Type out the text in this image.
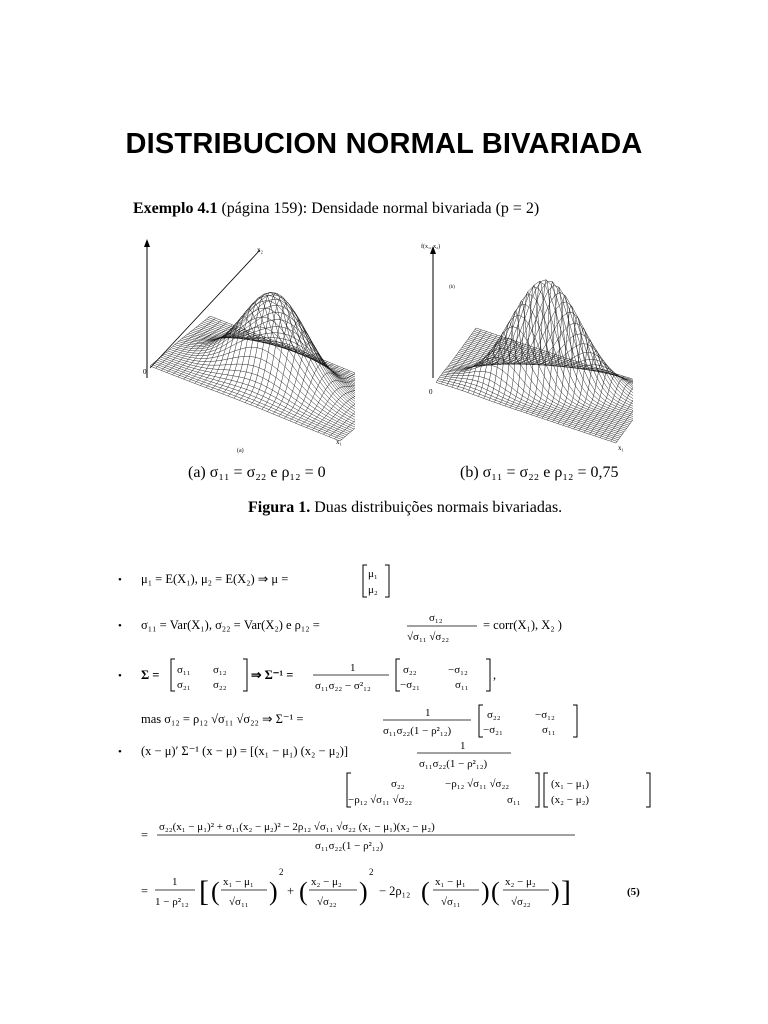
DISTRIBUCION NORMAL BIVARIADA
Exemplo 4.1 (página 159): Densidade normal bivariada (p = 2)
x₂
0
(a)
x₁
f(x₁, x₂)
0
x₁
(b)
(a) σ₁₁ = σ₂₂ e ρ₁₂ = 0	(b) σ₁₁ = σ₂₂ e ρ₁₂ = 0,75
Figura 1. Duas distribuições normais bivariadas.
• μ₁ = E(X₁), μ₂ = E(X₂) ⇒ μ =	μ₁
μ₂
• σ₁₁ = Var(X₁), σ₂₂ = Var(X₂) e ρ₁₂ =	σ₁₂
√σ₁₁ √σ₂₂
= corr(X₁), X₂ )
• Σ = σ₁₁ σ₁₂
σ₂₁ σ₂₂
⇒ Σ⁻¹ =	1
σ₁₁σ₂₂ − σ²₁₂
σ₂₂	−σ₁₂
−σ₂₁	σ₁₁
,
mas σ₁₂ = ρ₁₂ √σ₁₁ √σ₂₂ ⇒ Σ⁻¹ =	1
σ₁₁σ₂₂(1 − ρ²₁₂)
σ₂₂	−σ₁₂
−σ₂₁	σ₁₁
• (x − μ)′ Σ⁻¹ (x − μ) = [(x₁ − μ₁) (x₂ − μ₂)]	1
σ₁₁σ₂₂(1 − ρ²₁₂)
σ₂₂	−ρ₁₂ √σ₁₁ √σ₂₂
−ρ₁₂ √σ₁₁ √σ₂₂	σ₁₁
(x₁ − μ₁)
(x₂ − μ₂)
=
σ₂₂(x₁ − μ₁)² + σ₁₁(x₂ − μ₂)² − 2ρ₁₂ √σ₁₁ √σ₂₂ (x₁ − μ₁)(x₂ − μ₂)
σ₁₁σ₂₂(1 − ρ²₁₂)
=
1
1 − ρ²₁₂ [ ( x₁ − μ₁
√σ₁₁ )
2
+ ( x₂ − μ₂
√σ₂₂ )
2
− 2ρ₁₂ ( x₁ − μ₁
√σ₁₁ ) ( x₂ − μ₂
√σ₂₂ ) ]	(5)
